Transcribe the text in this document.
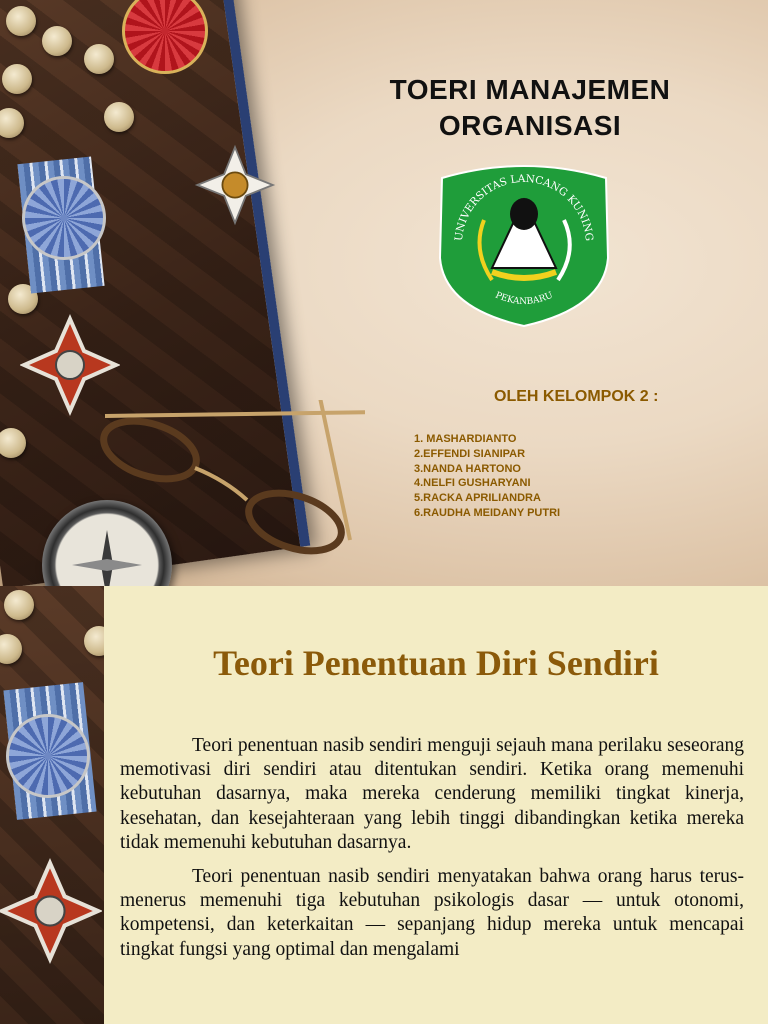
TOERI MANAJEMEN
ORGANISASI
UNIVERSITAS LANCANG KUNING
PEKANBARU
OLEH KELOMPOK 2 :
1. MASHARDIANTO
2.EFFENDI SIANIPAR
3.NANDA HARTONO
4.NELFI GUSHARYANI
5.RACKA APRILIANDRA
6.RAUDHA MEIDANY PUTRI
Teori Penentuan Diri Sendiri

Teori penentuan nasib sendiri menguji sejauh mana perilaku seseorang memotivasi diri sendiri atau ditentukan sendiri. Ketika orang memenuhi kebutuhan dasarnya, maka mereka cenderung memiliki tingkat kinerja, kesehatan, dan kesejahteraan yang lebih tinggi dibandingkan ketika mereka tidak memenuhi kebutuhan dasarnya.

Teori penentuan nasib sendiri menyatakan bahwa orang harus terus-menerus memenuhi tiga kebutuhan psikologis dasar — untuk otonomi, kompetensi, dan keterkaitan — sepanjang hidup mereka untuk mencapai tingkat fungsi yang optimal dan mengalami
